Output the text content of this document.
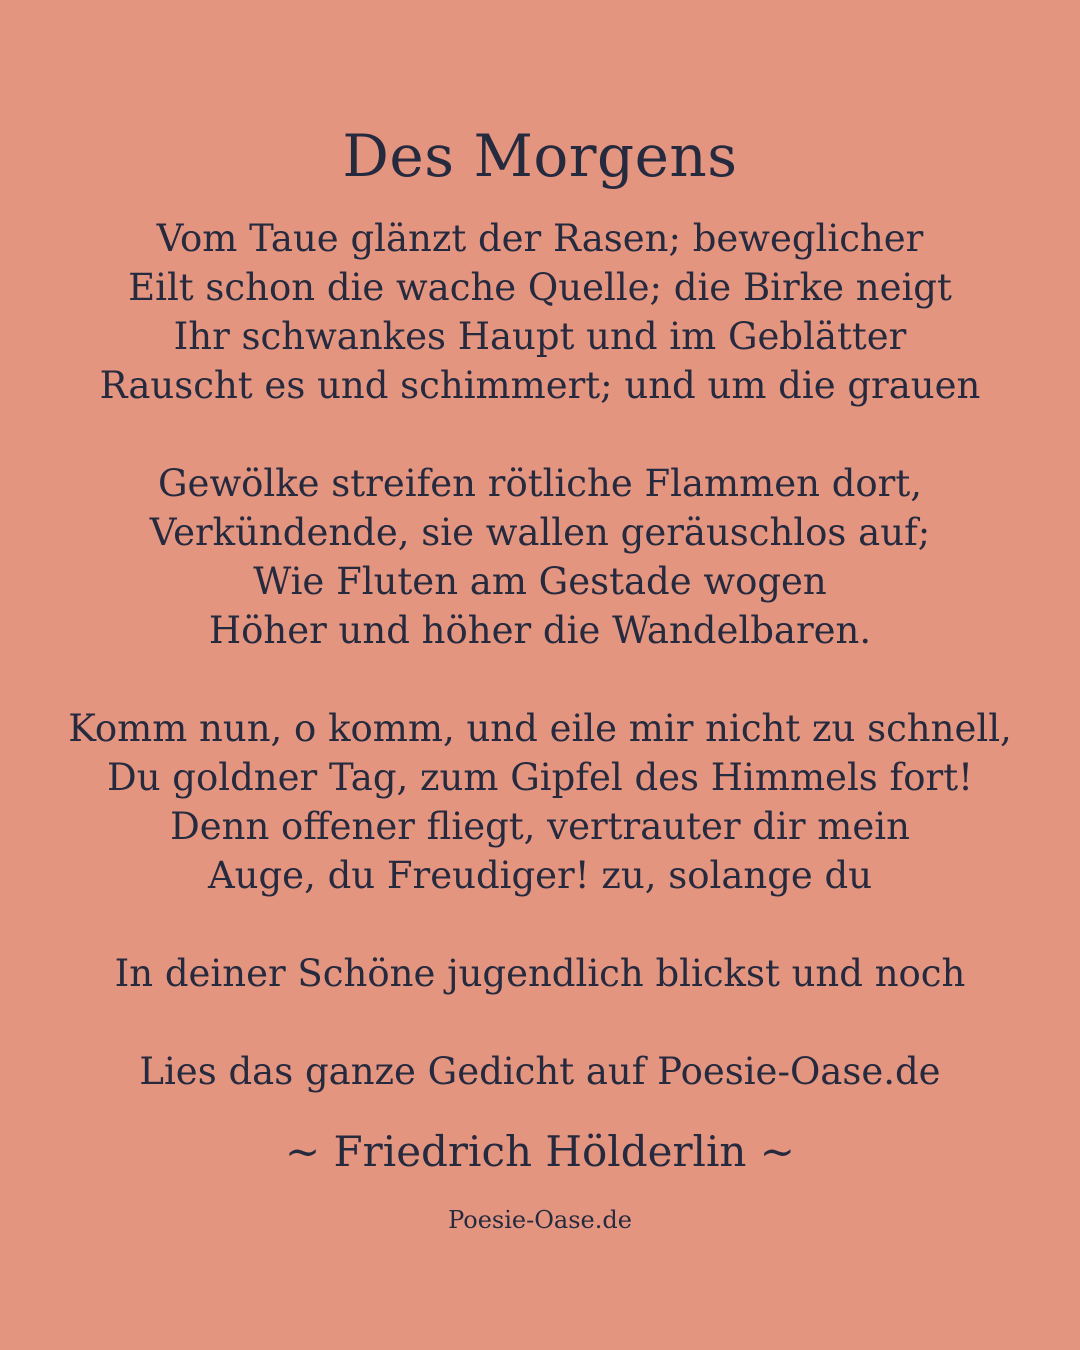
Des Morgens
Vom Taue glänzt der Rasen; beweglicher
Eilt schon die wache Quelle; die Birke neigt
Ihr schwankes Haupt und im Geblätter
Rauscht es und schimmert; und um die grauen
Gewölke streifen rötliche Flammen dort,
Verkündende, sie wallen geräuschlos auf;
Wie Fluten am Gestade wogen
Höher und höher die Wandelbaren.
Komm nun, o komm, und eile mir nicht zu schnell,
Du goldner Tag, zum Gipfel des Himmels fort!
Denn offener fliegt, vertrauter dir mein
Auge, du Freudiger! zu, solange du
In deiner Schöne jugendlich blickst und noch
Lies das ganze Gedicht auf Poesie-Oase.de
~ Friedrich Hölderlin ~
Poesie-Oase.de
